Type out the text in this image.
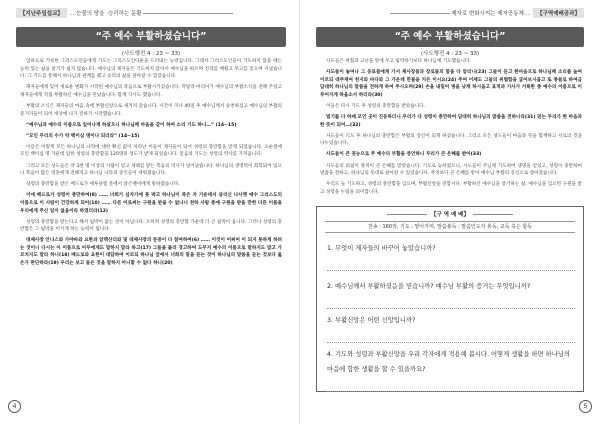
【지난주일설교】 …눈물의 땅을 ·승리하는 문활
“주 예수 부활하셨습니다”
(사도행전 4 : 23 ~ 33)

엄하으로 거룩한 그리스도인들에게 기도는 그리스도인다운을 드러내는 능력입니다. 그래서 그리스도인들이 기도하지 않을 때는 능력 있는 삶을 살기가 쉽지 않습니다. 예수님의 제자들은 기도하지 않아서 예수님을 따르며 진리를 배웠고 무고를 믿으며 지냈습니다. 그 기도를 통해서 하나님과 관계를 맺고 승리의 삶을 살아갈 수 있었습니다.

제자들에게 있어 새로운 변화가 시작된 예수님의 죽음으로 부활시키셨습니다. 막달라 마리아가 예수님의 부활소식을 전해 주었고 제자들에게 직접 부활하신 예수님을 만났습니다. 함께 식사도 했습니다.

부활의 소식은 제자들의 마음 속에 부활신앙으로 새겨져 갔습니다. 시간이 지나 40일 후 예수님께서 승천하셨고 예수님의 부활의 증거자들이 되어 세상에 나가 전하기 시작했습니다.

“예수님과 예수의 이름으로 일어나게 하셨으니 하나님께 마음을 같이 하여 소리 기도 하니…” (14~15)

“모인 무리의 수가 약 백이십 명이나 되더라” (14~15)

이름은 이렇게 모든 하나님의 나라에 대한 확신 없이 자라난 이들이 제자들이 되어 성령의 충만함을 받게 되었습니다. 오순절에 모인 백이십 명 가운데 임한 성령의 충만함을 120명의 성도가 받게 되었습니다. 믿음의 기도는 성령의 역사를 가져옵니다.

그리고 모든 성도들은 약 3천 명 이상의 사람이 믿고 세례를 받는 복음의 역사가 일어났습니다. 하나님의 생명력이 회복되어 있으니 복음이 많은 영혼에게 전해지고 하나님 나라의 증인들이 세워졌습니다.

성령의 충만함을 받은 베드로가 예루살렘 문에서 앉은뱅이에게 말하였습니다.

이에 베드로가 성령이 충만하여(8) …… 너희가 십자가에 못 박고 하나님이 죽은 자 가운데서 살리신 나사렛 예수 그리스도의 이름으로 이 사람이 건강하게 되어(10) …… 다른 이로써는 구원을 받을 수 없나니 천하 사람 중에 구원을 받을 만한 다른 이름을 우리에게 주신 일이 없음이라 하였더라(12)

성령의 충만함을 받는다고 해서 핍박이 없는 것이 아닙니다. 오히려 성령의 충만함 가운데 더 큰 핍박이 옵니다. 그러나 성령의 충만함은 그 핍박을 이기게 하는 능력이 됩니다.

대제사장 안나스와 가야바와 요한과 알렉산더와 및 대제사장의 문중이 다 참여하여(6) …… 이것이 어찌어 이 되지 못하게 하려는 것이니 다시는 이 이름으로 아무에게도 말하지 말라 하고(17) 그들을 불러 경고하여 도무지 예수의 이름으로 말하지도 말고 가르치지도 말라 하니(18) 베드로와 요한이 대답하여 이르되 하나님 앞에서 너희의 말을 듣는 것이 하나님의 말씀을 듣는 것보다 옳은가 판단하라(19) 우리는 보고 들은 것을 말하지 아니할 수 없다 하니(20)

4
제자로 변화시켜는 제자공동체… 【구역예배공과】
“주 예수 부활하셨습니다”
(사도행전 4 : 23 ~ 33)

사도들은 위협과 고난을 앞에 두고 핍박하기보다 하나님께 기도했습니다.

사도들이 놓여나 그 동료들에게 가서 제사장들과 장로들의 말을 다 알리니(23) 그들이 듣고 한마음으로 하나님께 소리를 높여 이르되 대주재여 천지와 바다와 그 가운데 만물을 지은 이시요(24) 주여 이제도 그들의 위협함을 굽어보시옵고 또 종들로 하여금 담대히 하나님의 말씀을 전하게 하여 주시오며(29) 손을 내밀어 병을 낫게 하시옵고 표적과 기사가 거룩한 종 예수의 이름으로 이루어지게 하옵소서 하더라(30)

이들은 다시 기도 후 성령의 충만함을 받았습니다.

빌기를 다 하매 모인 곳이 진동하더니 무리가 다 성령이 충만하여 담대히 하나님의 말씀을 전하니라(31) 믿는 무리가 한 마음과 한 뜻이 되어…(32)

사도들이 기도 후 하나님의 충만함은 부활의 증인이 되게 하셨습니다. 그리고 모든 성도들이 마음과 뜻을 함께하고 서로의 것을 나누었습니다.

사도들이 큰 권능으로 주 예수의 부활을 증언하니 무리가 큰 은혜를 받아(33)

사도들의 외침이 목적이 큰 은혜를 받았습니다. 기도로 능하였으니, 사도들이 주님께 기도하여 생명을 얻었고, 성령이 충만하여 말씀을 전하고, 하나님의 뜻대로 살아갈 수 있었습니다. 무엇보다 큰 은혜를 받아 예수님 부활의 증인으로 살아갔습니다.

우리도 늘 기도하고, 성령의 충만함을 입으며, 부활신앙을 전합시다. 부활하신 예수님을 증거하는 삶, 예수님을 입으면 구원을 받고 성령을 누림을 의미합니다.

【구 역 예 배】
찬송 : 160장, 기도 : 맡아가며, 말씀봉독 : 말씀인도자 봉독, 교독 혹은 합독
1. 무엇이 제자들의 바꾸어 놓았습니까?
2. 예수님께서 부활하셨음을 믿습니까? 예수님 부활의 증거는 무엇입니까?
3. 부활신앙은 어떤 신앙입니까?
4. 기도와 성령과 부활신앙을 우리 각자에게 적용해 봅시다. 어떻게 생활을 하면 하나님의 마음에 합한 생활을 할 수 있을까요?
5
